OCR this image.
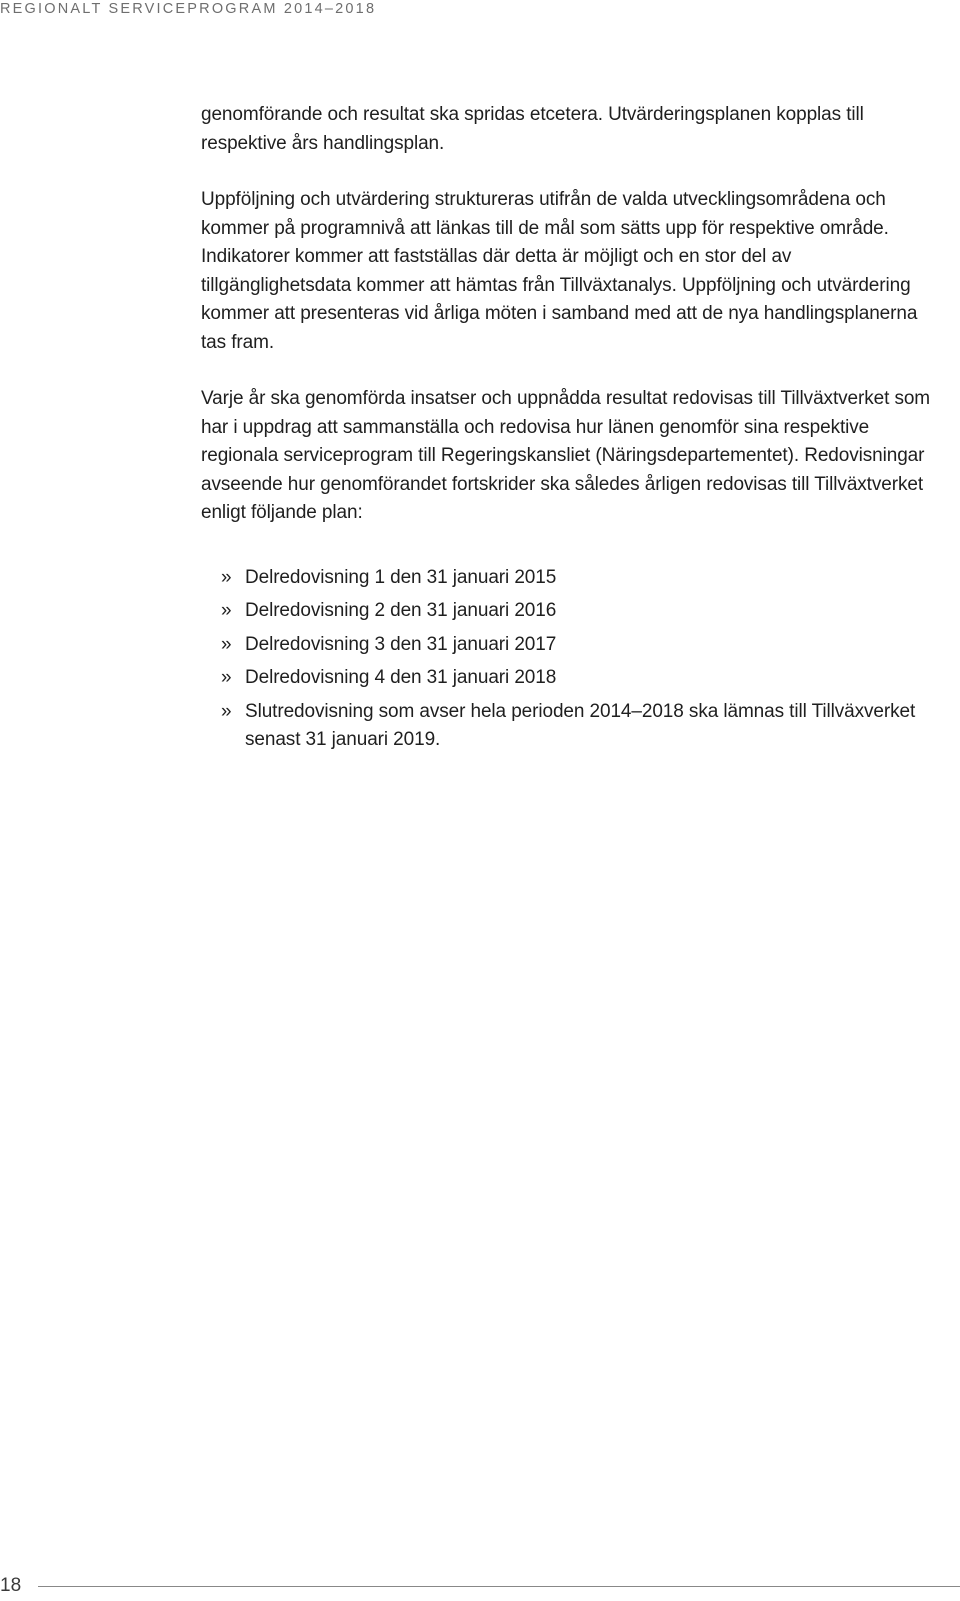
REGIONALT SERVICEPROGRAM 2014–2018

genomförande och resultat ska spridas etcetera. Utvärderingsplanen kopplas till respektive års handlingsplan.

Uppföljning och utvärdering struktureras utifrån de valda utvecklingsområdena och kommer på programnivå att länkas till de mål som sätts upp för respektive område. Indikatorer kommer att fastställas där detta är möjligt och en stor del av tillgänglighetsdata kommer att hämtas från Tillväxtanalys. Uppföljning och utvärdering kommer att presenteras vid årliga möten i samband med att de nya handlingsplanerna tas fram.

Varje år ska genomförda insatser och uppnådda resultat redovisas till Tillväxtverket som har i uppdrag att sammanställa och redovisa hur länen genomför sina respektive regionala serviceprogram till Regeringskansliet (Näringsdepartementet). Redovisningar avseende hur genomförandet fortskrider ska således årligen redovisas till Tillväxtverket enligt följande plan:

» Delredovisning 1 den 31 januari 2015
» Delredovisning 2 den 31 januari 2016
» Delredovisning 3 den 31 januari 2017
» Delredovisning 4 den 31 januari 2018
» Slutredovisning som avser hela perioden 2014–2018 ska lämnas till Tillväxverket senast 31 januari 2019.
18
